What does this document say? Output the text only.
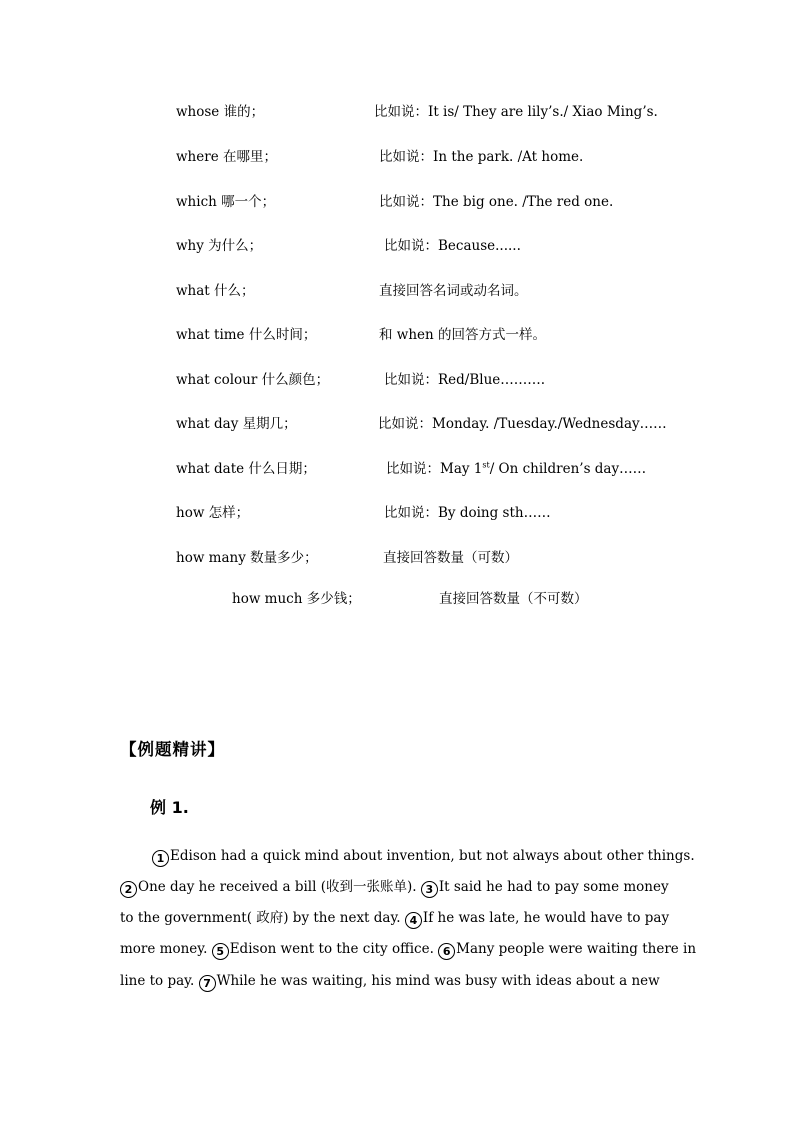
whose 谁的；	比如说：It is/ They are lily’s./ Xiao Ming’s.
where 在哪里；	比如说：In the park. /At home.
which 哪一个；	比如说：The big one. /The red one.
why 为什么；	比如说：Because......
what 什么；	直接回答名词或动名词。
what time 什么时间；	和 when 的回答方式一样。
what colour 什么颜色；	比如说：Red/Blue……….
what day 星期几；	比如说：Monday. /Tuesday./Wednesday……
what date 什么日期；	比如说：May 1st/ On children’s day……
how 怎样；	比如说：By doing sth……
how many 数量多少；	直接回答数量（可数）
how much 多少钱；	直接回答数量（不可数）
【例题精讲】
例 1.
1 Edison had a quick mind about invention, but not always about other things.
2 One day he received a bill (收到一张账单). 3 It said he had to pay some money
to the government( 政府) by the next day. 4 If he was late, he would have to pay
more money. 5 Edison went to the city office. 6 Many people were waiting there in
line to pay. 7 While he was waiting, his mind was busy with ideas about a new
